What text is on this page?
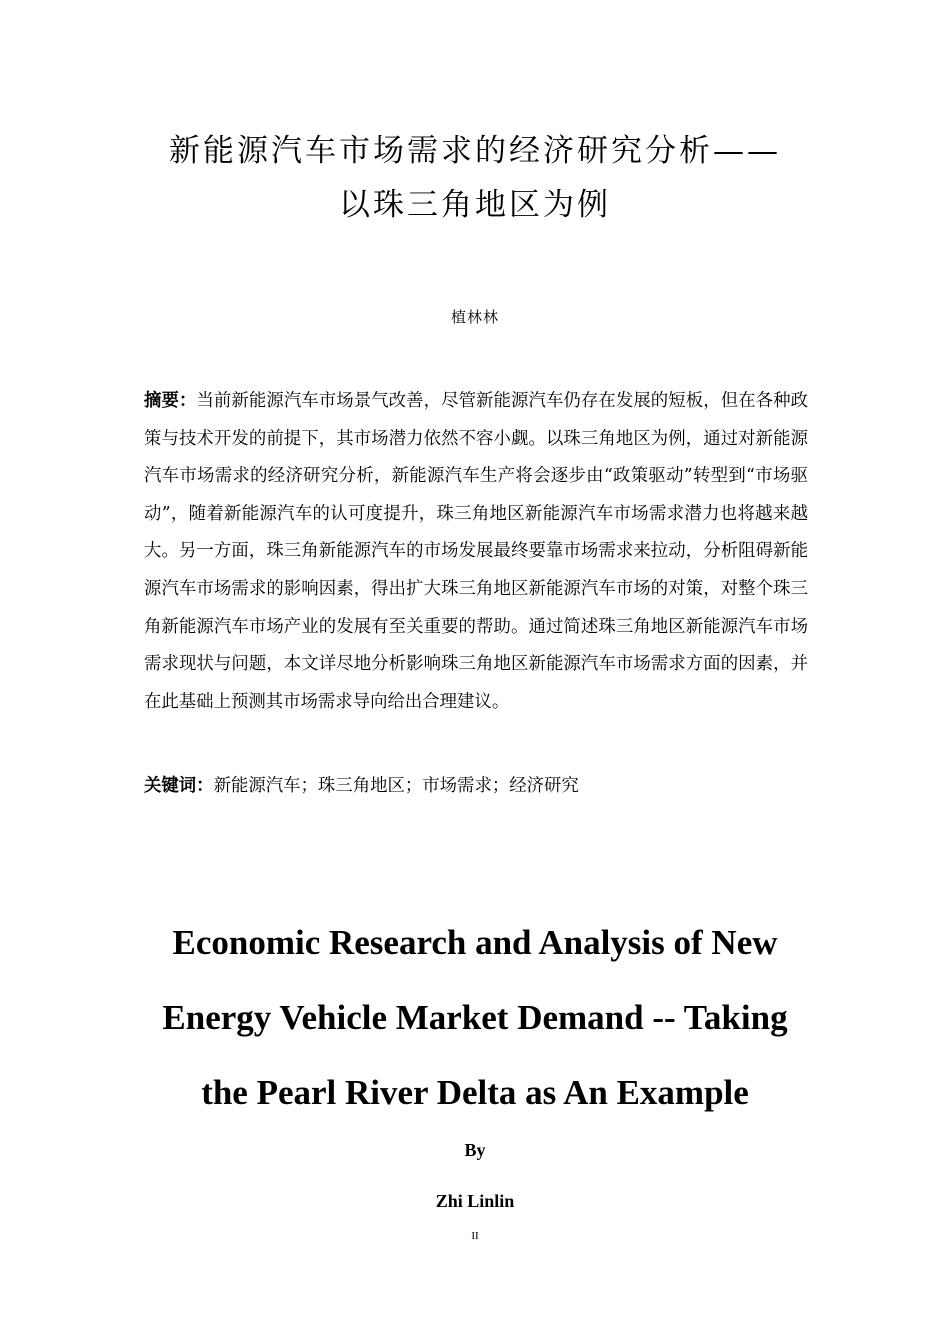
新能源汽车市场需求的经济研究分析——
以珠三角地区为例
植林林

摘要：当前新能源汽车市场景气改善，尽管新能源汽车仍存在发展的短板，但在各种政策与技术开发的前提下，其市场潜力依然不容小觑。以珠三角地区为例，通过对新能源汽车市场需求的经济研究分析，新能源汽车生产将会逐步由“政策驱动”转型到“市场驱动”，随着新能源汽车的认可度提升，珠三角地区新能源汽车市场需求潜力也将越来越大。另一方面，珠三角新能源汽车的市场发展最终要靠市场需求来拉动，分析阻碍新能源汽车市场需求的影响因素，得出扩大珠三角地区新能源汽车市场的对策，对整个珠三角新能源汽车市场产业的发展有至关重要的帮助。通过简述珠三角地区新能源汽车市场需求现状与问题，本文详尽地分析影响珠三角地区新能源汽车市场需求方面的因素，并在此基础上预测其市场需求导向给出合理建议。

关键词：新能源汽车；珠三角地区；市场需求；经济研究

Economic Research and Analysis of New
Energy Vehicle Market Demand -- Taking
the Pearl River Delta as An Example
By
Zhi Linlin
II
